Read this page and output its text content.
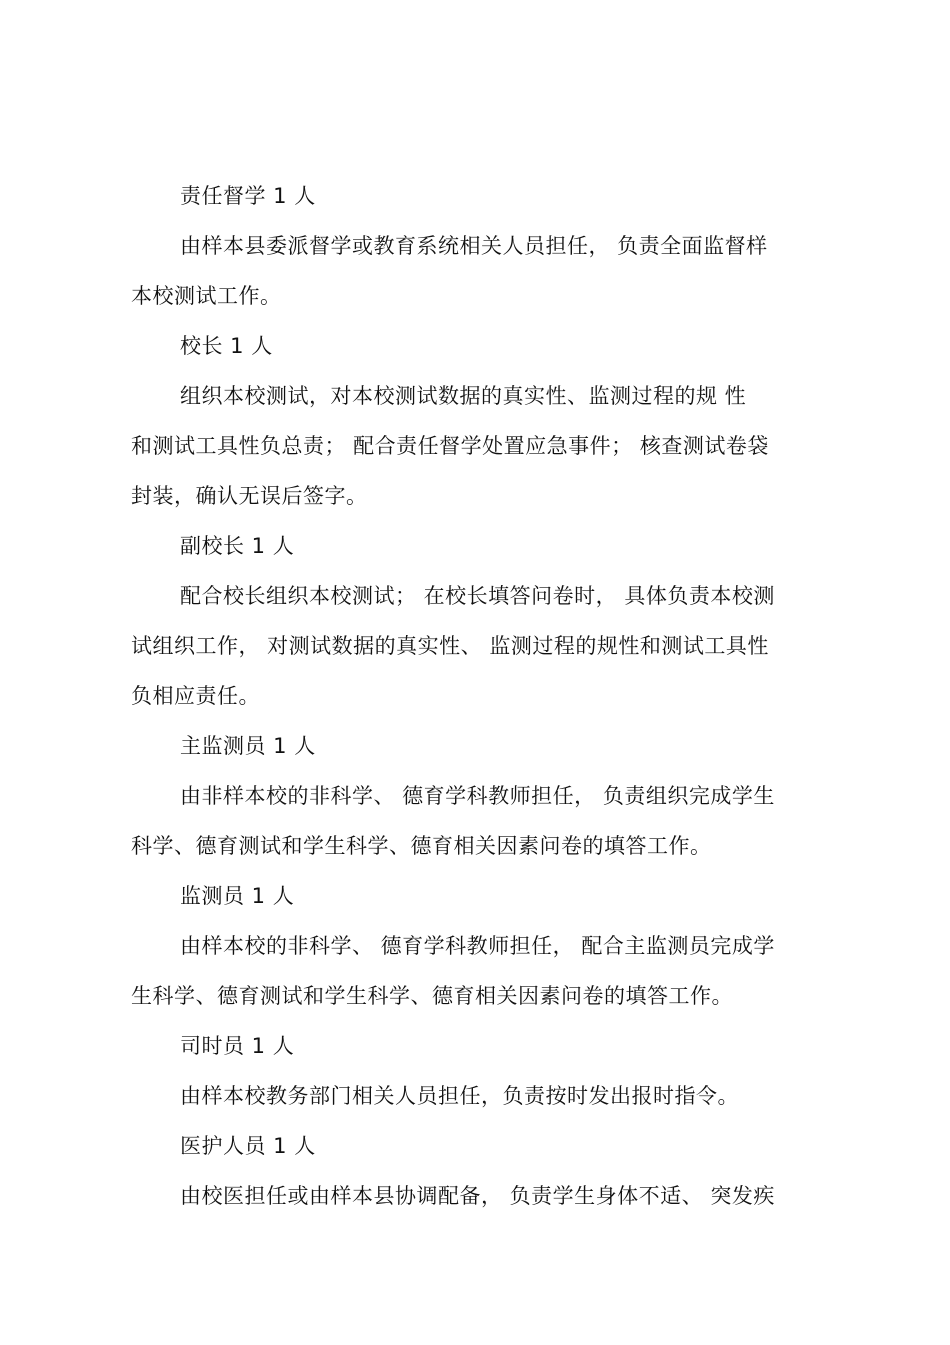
责任督学 1 人
由样本县委派督学或教育系统相关人员担任， 负责全面监督样
本校测试工作。
校长 1 人
组织本校测试，对本校测试数据的真实性、监测过程的规 性
和测试工具性负总责； 配合责任督学处置应急事件； 核查测试卷袋
封装，确认无误后签字。
副校长 1 人
配合校长组织本校测试； 在校长填答问卷时， 具体负责本校测
试组织工作， 对测试数据的真实性、 监测过程的规性和测试工具性
负相应责任。
主监测员 1 人
由非样本校的非科学、 德育学科教师担任， 负责组织完成学生
科学、德育测试和学生科学、德育相关因素问卷的填答工作。
监测员 1 人
由样本校的非科学、 德育学科教师担任， 配合主监测员完成学
生科学、德育测试和学生科学、德育相关因素问卷的填答工作。
司时员 1 人
由样本校教务部门相关人员担任，负责按时发出报时指令。
医护人员 1 人
由校医担任或由样本县协调配备， 负责学生身体不适、 突发疾
